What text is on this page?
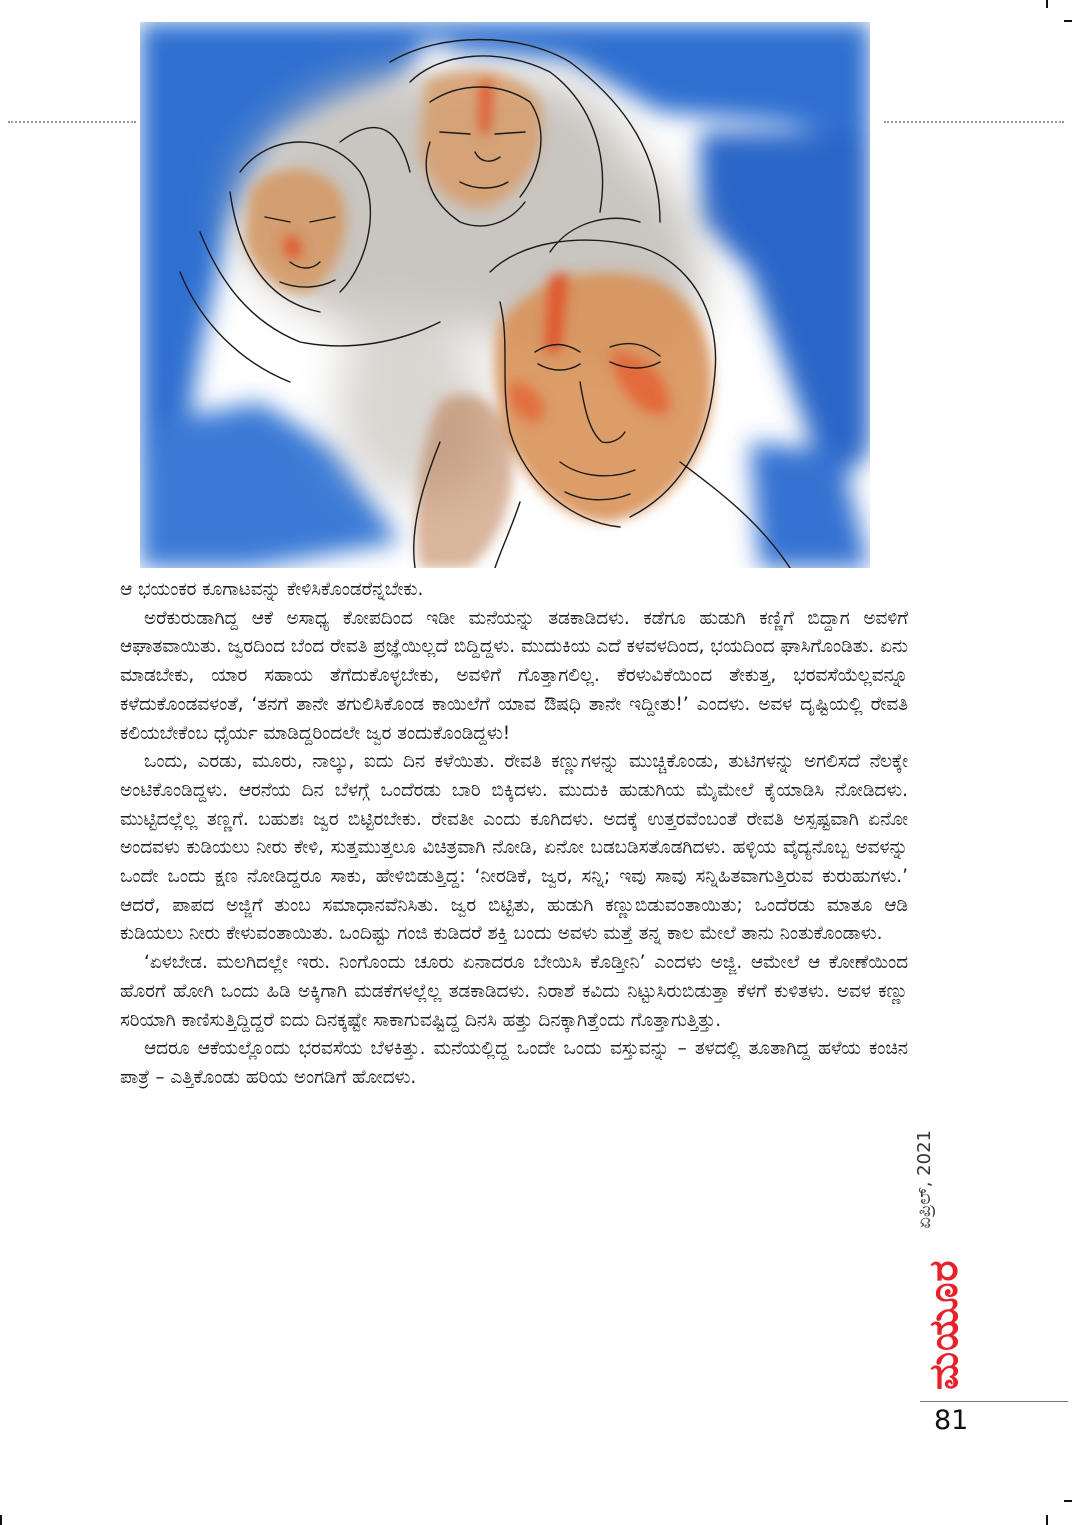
ಆ ಭಯಂಕರ ಕೂಗಾಟವನ್ನು ಕೇಳಿಸಿಕೊಂಡರೆನ್ನಬೇಕು.

ಅರೆಕುರುಡಾಗಿದ್ದ ಆಕೆ ಅಸಾಧ್ಯ ಕೋಪದಿಂದ ಇಡೀ ಮನೆಯನ್ನು ತಡಕಾಡಿದಳು. ಕಡೆಗೂ ಹುಡುಗಿ ಕಣ್ಣಿಗೆ ಬಿದ್ದಾಗ ಅವಳಿಗೆ ಆಘಾತವಾಯಿತು. ಜ್ವರದಿಂದ ಬೆಂದ ರೇವತಿ ಪ್ರಜ್ಞೆಯಿಲ್ಲದೆ ಬಿದ್ದಿದ್ದಳು. ಮುದುಕಿಯ ಎದೆ ಕಳವಳದಿಂದ, ಭಯದಿಂದ ಘಾಸಿಗೊಂಡಿತು. ಏನು ಮಾಡಬೇಕು, ಯಾರ ಸಹಾಯ ತೆಗೆದುಕೊಳ್ಳಬೇಕು, ಅವಳಿಗೆ ಗೊತ್ತಾಗಲಿಲ್ಲ. ಕೆರಳುವಿಕೆಯಿಂದ ತೇಕುತ್ತ, ಭರವಸೆಯೆಲ್ಲವನ್ನೂ ಕಳೆದುಕೊಂಡವಳಂತೆ, ‘ತನಗೆ ತಾನೇ ತಗುಲಿಸಿಕೊಂಡ ಕಾಯಿಲೆಗೆ ಯಾವ ಔಷಧಿ ತಾನೇ ಇದ್ದೀತು!’ ಎಂದಳು. ಅವಳ ದೃಷ್ಟಿಯಲ್ಲಿ ರೇವತಿ ಕಲಿಯಬೇಕೆಂಬ ಧೈರ್ಯ ಮಾಡಿದ್ದರಿಂದಲೇ ಜ್ವರ ತಂದುಕೊಂಡಿದ್ದಳು!

ಒಂದು, ಎರಡು, ಮೂರು, ನಾಲ್ಕು, ಐದು ದಿನ ಕಳೆಯಿತು. ರೇವತಿ ಕಣ್ಣುಗಳನ್ನು ಮುಚ್ಚಿಕೊಂಡು, ತುಟಿಗಳನ್ನು ಅಗಲಿಸದೆ ನೆಲಕ್ಕೇ ಅಂಟಿಕೊಂಡಿದ್ದಳು. ಆರನೆಯ ದಿನ ಬೆಳಗ್ಗೆ ಒಂದೆರಡು ಬಾರಿ ಬಿಕ್ಕಿದಳು. ಮುದುಕಿ ಹುಡುಗಿಯ ಮೈಮೇಲೆ ಕೈಯಾಡಿಸಿ ನೋಡಿದಳು. ಮುಟ್ಟಿದಲ್ಲೆಲ್ಲ ತಣ್ಣಗೆ. ಬಹುಶಃ ಜ್ವರ ಬಿಟ್ಟಿರಬೇಕು. ರೇವತೀ ಎಂದು ಕೂಗಿದಳು. ಅದಕ್ಕೆ ಉತ್ತರವೆಂಬಂತೆ ರೇವತಿ ಅಸ್ಪಷ್ಟವಾಗಿ ಏನೋ ಅಂದವಳು ಕುಡಿಯಲು ನೀರು ಕೇಳಿ, ಸುತ್ತಮುತ್ತಲೂ ವಿಚಿತ್ರವಾಗಿ ನೋಡಿ, ಏನೋ ಬಡಬಡಿಸತೊಡಗಿದಳು. ಹಳ್ಳಿಯ ವೈದ್ಯನೊಬ್ಬ ಅವಳನ್ನು ಒಂದೇ ಒಂದು ಕ್ಷಣ ನೋಡಿದ್ದರೂ ಸಾಕು, ಹೇಳಿಬಿಡುತ್ತಿದ್ದ: ‘ನೀರಡಿಕೆ, ಜ್ವರ, ಸನ್ನಿ; ಇವು ಸಾವು ಸನ್ನಿಹಿತವಾಗುತ್ತಿರುವ ಕುರುಹುಗಳು.’ ಆದರೆ, ಪಾಪದ ಅಜ್ಜಿಗೆ ತುಂಬ ಸಮಾಧಾನವೆನಿಸಿತು. ಜ್ವರ ಬಿಟ್ಟಿತು, ಹುಡುಗಿ ಕಣ್ಣುಬಿಡುವಂತಾಯಿತು; ಒಂದೆರಡು ಮಾತೂ ಆಡಿ ಕುಡಿಯಲು ನೀರು ಕೇಳುವಂತಾಯಿತು. ಒಂದಿಷ್ಟು ಗಂಜಿ ಕುಡಿದರೆ ಶಕ್ತಿ ಬಂದು ಅವಳು ಮತ್ತೆ ತನ್ನ ಕಾಲ ಮೇಲೆ ತಾನು ನಿಂತುಕೊಂಡಾಳು.

‘ಏಳಬೇಡ. ಮಲಗಿದಲ್ಲೇ ಇರು. ನಿಂಗೊಂದು ಚೂರು ಏನಾದರೂ ಬೇಯಿಸಿ ಕೊಡ್ತೀನಿ’ ಎಂದಳು ಅಜ್ಜಿ. ಆಮೇಲೆ ಆ ಕೋಣೆಯಿಂದ ಹೊರಗೆ ಹೋಗಿ ಒಂದು ಹಿಡಿ ಅಕ್ಕಿಗಾಗಿ ಮಡಕೆಗಳಲ್ಲೆಲ್ಲ ತಡಕಾಡಿದಳು. ನಿರಾಶೆ ಕವಿದು ನಿಟ್ಟುಸಿರುಬಿಡುತ್ತಾ ಕೆಳಗೆ ಕುಳಿತಳು. ಅವಳ ಕಣ್ಣು ಸರಿಯಾಗಿ ಕಾಣಿಸುತ್ತಿದ್ದಿದ್ದರೆ ಐದು ದಿನಕ್ಕಷ್ಟೇ ಸಾಕಾಗುವಷ್ಟಿದ್ದ ದಿನಸಿ ಹತ್ತು ದಿನಕ್ಕಾಗಿತ್ತೆಂದು ಗೊತ್ತಾಗುತ್ತಿತ್ತು.

ಆದರೂ ಆಕೆಯಲ್ಲೊಂದು ಭರವಸೆಯ ಬೆಳಕಿತ್ತು. ಮನೆಯಲ್ಲಿದ್ದ ಒಂದೇ ಒಂದು ವಸ್ತುವನ್ನು – ತಳದಲ್ಲಿ ತೂತಾಗಿದ್ದ ಹಳೆಯ ಕಂಚಿನ ಪಾತ್ರೆ – ಎತ್ತಿಕೊಂಡು ಹರಿಯ ಅಂಗಡಿಗೆ ಹೋದಳು.

ಏಪ್ರಿಲ್, 2021
ಮಯೂರ
81
